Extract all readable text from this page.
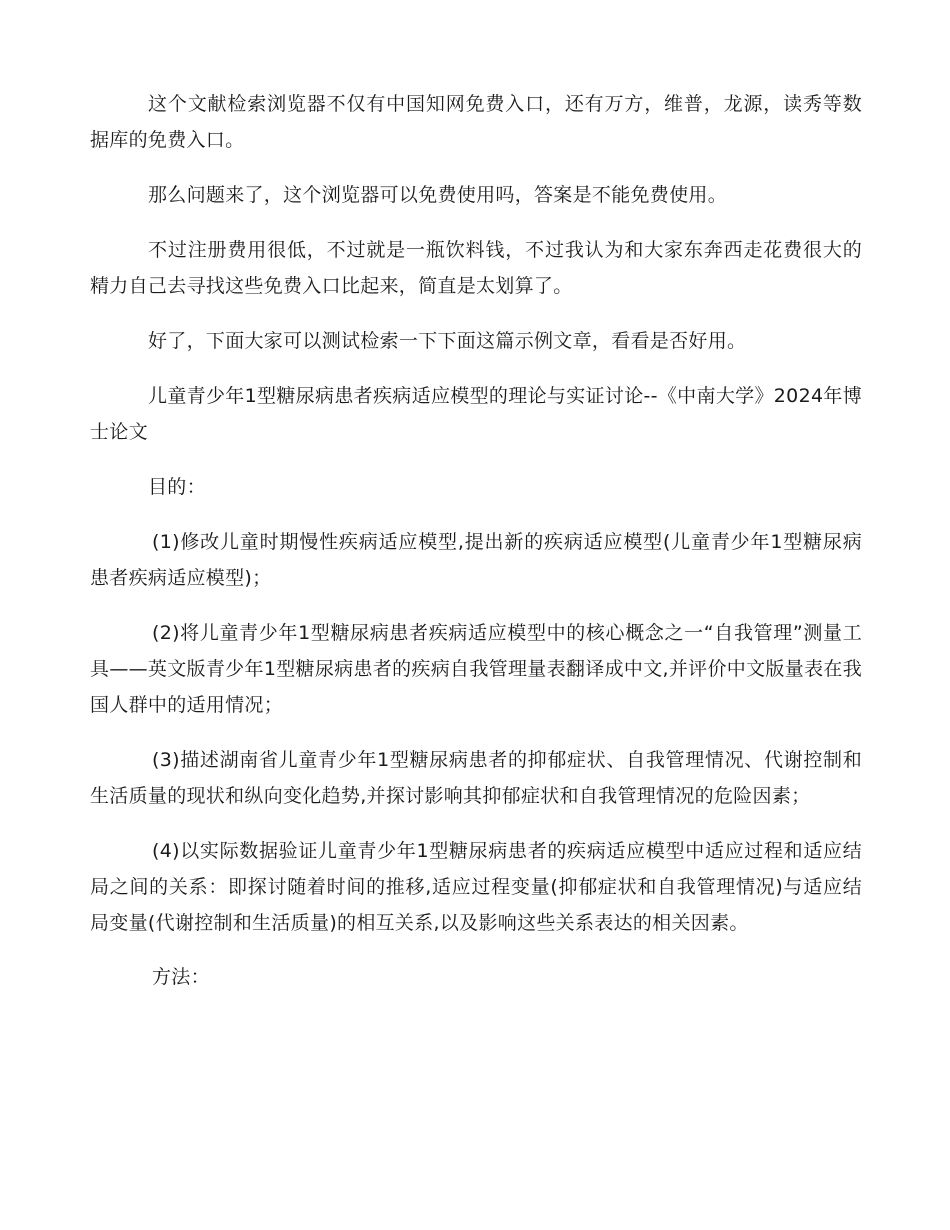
这个文献检索浏览器不仅有中国知网免费入口，还有万方，维普，龙源，读秀等数据库的免费入口。

那么问题来了，这个浏览器可以免费使用吗，答案是不能免费使用。

不过注册费用很低，不过就是一瓶饮料钱，不过我认为和大家东奔西走花费很大的精力自己去寻找这些免费入口比起来，简直是太划算了。

好了，下面大家可以测试检索一下下面这篇示例文章，看看是否好用。

儿童青少年1型糖尿病患者疾病适应模型的理论与实证讨论--《中南大学》2024年博士论文

目的：

(1)修改儿童时期慢性疾病适应模型,提出新的疾病适应模型(儿童青少年1型糖尿病患者疾病适应模型)；

(2)将儿童青少年1型糖尿病患者疾病适应模型中的核心概念之一“自我管理”测量工具——英文版青少年1型糖尿病患者的疾病自我管理量表翻译成中文,并评价中文版量表在我国人群中的适用情况；

(3)描述湖南省儿童青少年1型糖尿病患者的抑郁症状、自我管理情况、代谢控制和生活质量的现状和纵向变化趋势,并探讨影响其抑郁症状和自我管理情况的危险因素；

(4)以实际数据验证儿童青少年1型糖尿病患者的疾病适应模型中适应过程和适应结局之间的关系：即探讨随着时间的推移,适应过程变量(抑郁症状和自我管理情况)与适应结局变量(代谢控制和生活质量)的相互关系,以及影响这些关系表达的相关因素。

方法：
